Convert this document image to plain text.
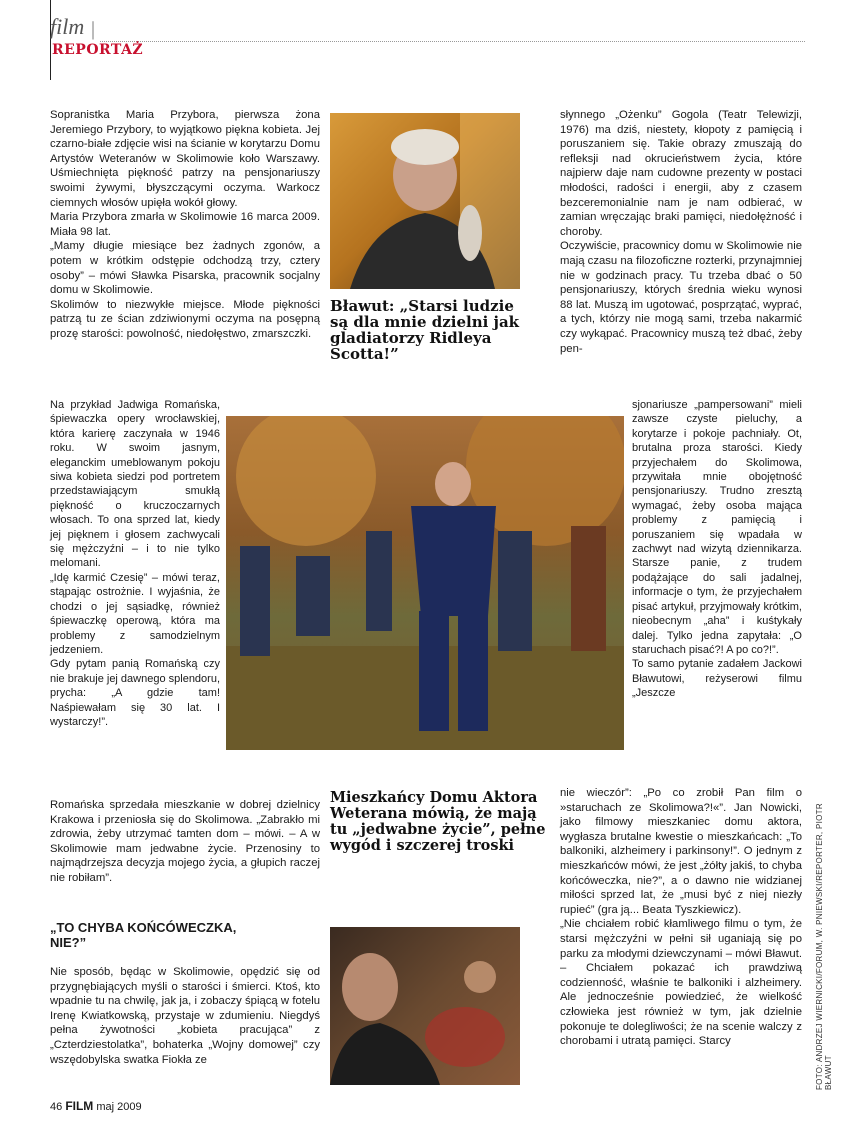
film |
REPORTAŻ

Sopranistka Maria Przybora, pierwsza żona Jeremiego Przybory, to wyjątkowo piękna kobieta. Jej czarno-białe zdjęcie wisi na ścianie w korytarzu Domu Artystów Weteranów w Skolimowie koło Warszawy. Uśmiechnięta piękność patrzy na pensjonariuszy swoimi żywymi, błyszczącymi oczyma. Warkocz ciemnych włosów upięła wokół głowy.

Maria Przybora zmarła w Skolimowie 16 marca 2009. Miała 98 lat.

„Mamy długie miesiące bez żadnych zgonów, a potem w krótkim odstępie odchodzą trzy, cztery osoby” – mówi Sławka Pisarska, pracownik socjalny domu w Skolimowie.

Skolimów to niezwykłe miejsce. Młode piękności patrzą tu ze ścian zdziwionymi oczyma na posępną prozę starości: powolność, niedołęstwo, zmarszczki.

Na przykład Jadwiga Romańska, śpiewaczka opery wrocławskiej, która karierę zaczynała w 1946 roku. W swoim jasnym, eleganckim umeblowanym pokoju siwa kobieta siedzi pod portretem przedstawiającym smukłą piękność o kruczoczarnych włosach. To ona sprzed lat, kiedy jej pięknem i głosem zachwycali się mężczyźni – i to nie tylko melomani.

„Idę karmić Czesię” – mówi teraz, stąpając ostrożnie. I wyjaśnia, że chodzi o jej sąsiadkę, również śpiewaczkę operową, która ma problemy z samodzielnym jedzeniem.

Gdy pytam panią Romańską czy nie brakuje jej dawnego splendoru, prycha: „A gdzie tam! Naśpiewałam się 30 lat. I wystarczy!”.

Romańska sprzedała mieszkanie w dobrej dzielnicy Krakowa i przeniosła się do Skolimowa. „Zabrakło mi zdrowia, żeby utrzymać tamten dom – mówi. – A w Skolimowie mam jedwabne życie. Przenosiny to najmądrzejsza decyzja mojego życia, a głupich raczej nie robiłam”.

„TO CHYBA KOŃCÓWECZKA, NIE?”

Nie sposób, będąc w Skolimowie, opędzić się od przygnębiających myśli o starości i śmierci. Ktoś, kto wpadnie tu na chwilę, jak ja, i zobaczy śpiącą w fotelu Irenę Kwiatkowską, przystaje w zdumieniu. Niegdyś pełna żywotności „kobieta pracująca” z „Czterdziestolatka”, bohaterka „Wojny domowej” czy wszędobylska swatka Fiokła ze

Bławut: „Starsi ludzie są dla mnie dzielni jak gladiatorzy Ridleya Scotta!”
Mieszkańcy Domu Aktora Weterana mówią, że mają tu „jedwabne życie”, pełne wygód i szczerej troski

słynnego „Ożenku” Gogola (Teatr Telewizji, 1976) ma dziś, niestety, kłopoty z pamięcią i poruszaniem się. Takie obrazy zmuszają do refleksji nad okrucieństwem życia, które najpierw daje nam cudowne prezenty w postaci młodości, radości i energii, aby z czasem bezceremonialnie nam je nam odbierać, w zamian wręczając braki pamięci, niedołężność i choroby.

Oczywiście, pracownicy domu w Skolimowie nie mają czasu na filozoficzne rozterki, przynajmniej nie w godzinach pracy. Tu trzeba dbać o 50 pensjonariuszy, których średnia wieku wynosi 88 lat. Muszą im ugotować, posprzątać, wyprać, a tych, którzy nie mogą sami, trzeba nakarmić czy wykąpać. Pracownicy muszą też dbać, żeby pen-

sjonariusze „pampersowani” mieli zawsze czyste pieluchy, a korytarze i pokoje pachniały. Ot, brutalna proza starości. Kiedy przyjechałem do Skolimowa, przywitała mnie obojętność pensjonariuszy. Trudno zresztą wymagać, żeby osoba mająca problemy z pamięcią i poruszaniem się wpadała w zachwyt nad wizytą dziennikarza. Starsze panie, z trudem podążające do sali jadalnej, informacje o tym, że przyjechałem pisać artykuł, przyjmowały krótkim, nieobecnym „aha” i kuśtykały dalej. Tylko jedna zapytała: „O staruchach pisać?! A po co?!”.

To samo pytanie zadałem Jackowi Bławutowi, reżyserowi filmu „Jeszcze

nie wieczór”: „Po co zrobił Pan film o »staruchach ze Skolimowa?!«”. Jan Nowicki, jako filmowy mieszkaniec domu aktora, wygłasza brutalne kwestie o mieszkańcach: „To balkoniki, alzheimery i parkinsony!”. O jednym z mieszkańców mówi, że jest „żółty jakiś, to chyba końcóweczka, nie?”, a o dawno nie widzianej miłości sprzed lat, że „musi być z niej niezły rupieć” (gra ją... Beata Tyszkiewicz).

„Nie chciałem robić kłamliwego filmu o tym, że starsi mężczyźni w pełni sił uganiają się po parku za młodymi dziewczynami – mówi Bławut. – Chciałem pokazać ich prawdziwą codzienność, właśnie te balkoniki i alzheimery. Ale jednocześnie powiedzieć, że wielkość człowieka jest również w tym, jak dzielnie pokonuje te dolegliwości; że na scenie walczy z chorobami i utratą pamięci. Starcy	FOTO: ANDRZEJ WIERNICKI/FORUM, W. PNIEWSKI/REPORTER, PIOTR BŁAWUT
46 FILM maj 2009
